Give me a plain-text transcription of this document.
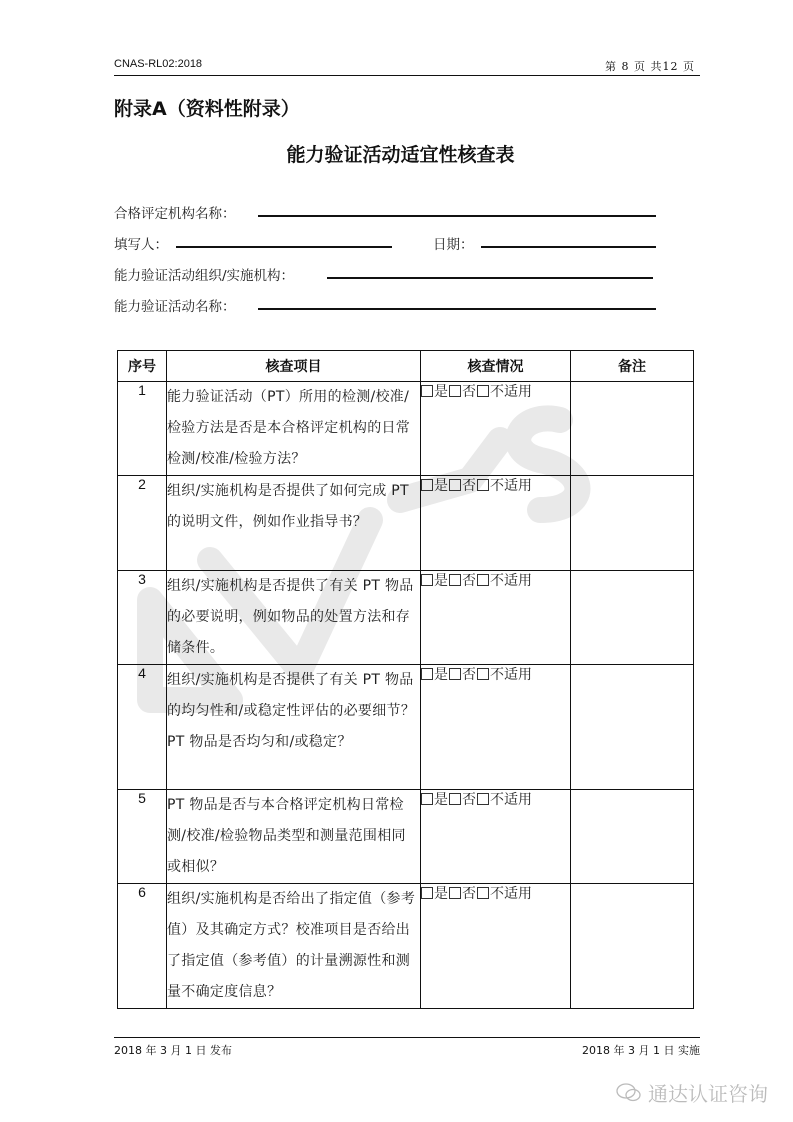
CNAS-RL02:2018	第 8 页 共12 页
附录A（资料性附录）
能力验证活动适宜性核查表
合格评定机构名称：
填写人：	日期：
能力验证活动组织/实施机构：
能力验证活动名称：
序号	核查项目	核查情况	备注
1	能力验证活动（PT）所用的检测/校准/检验方法是否是本合格评定机构的日常检测/校准/检验方法？	是 否 不适用	
2	组织/实施机构是否提供了如何完成 PT 的说明文件，例如作业指导书？	是 否 不适用	
3	组织/实施机构是否提供了有关 PT 物品的必要说明，例如物品的处置方法和存储条件。	是 否 不适用	
4	组织/实施机构是否提供了有关 PT 物品的均匀性和/或稳定性评估的必要细节？PT 物品是否均匀和/或稳定？	是 否 不适用	
5	PT 物品是否与本合格评定机构日常检测/校准/检验物品类型和测量范围相同或相似？	是 否 不适用	
6	组织/实施机构是否给出了指定值（参考值）及其确定方式？校准项目是否给出了指定值（参考值）的计量溯源性和测量不确定度信息？	是 否 不适用	
2018 年 3 月 1 日 发布	2018 年 3 月 1 日 实施
通达认证咨询
